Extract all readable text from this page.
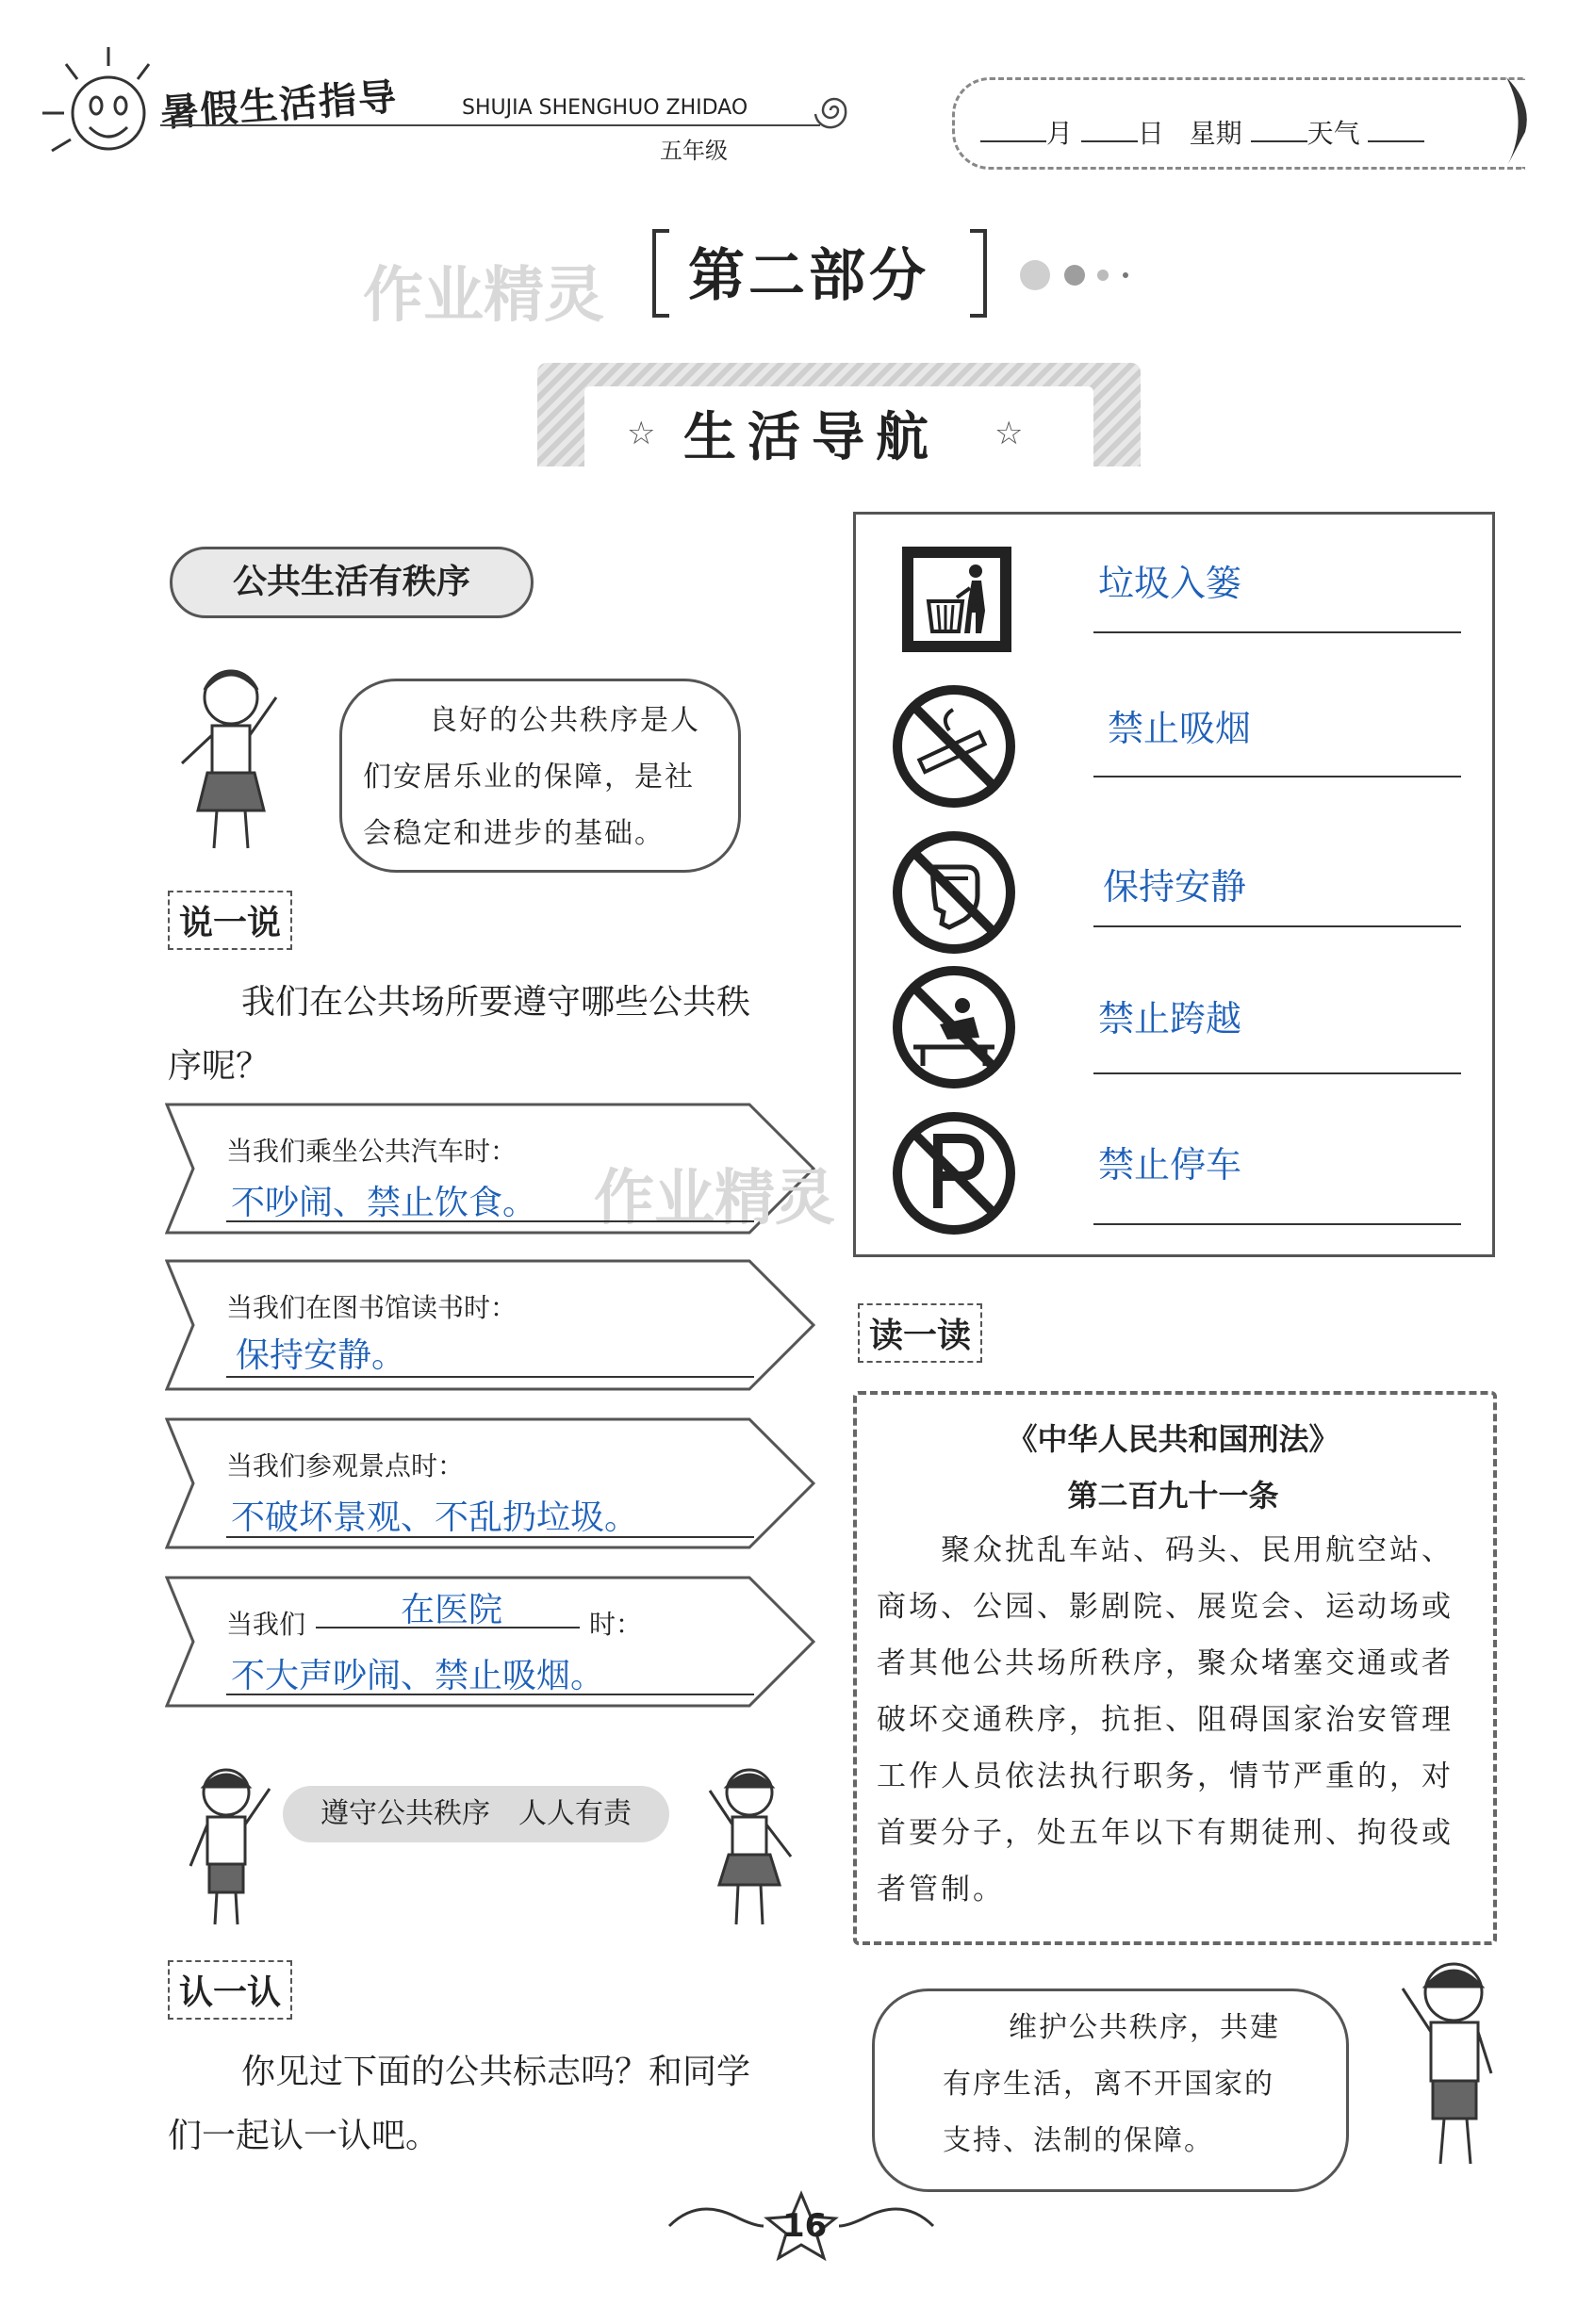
暑假生活指导	SHUJIA SHENGHUO ZHIDAO
五年级
月 日 星期 天气
作业精灵 第二部分
☆ 生活导航 ☆
公共生活有秩序
良好的公共秩序是人
们安居乐业的保障，是社
会稳定和进步的基础。
说一说
我们在公共场所要遵守哪些公共秩
序呢？
作业精灵
当我们乘坐公共汽车时：
不吵闹、禁止饮食。
当我们在图书馆读书时：
保持安静。
当我们参观景点时：
不破坏景观、不乱扔垃圾。
当我们	在医院	时：
不大声吵闹、禁止吸烟。
遵守公共秩序　人人有责
认一认
你见过下面的公共标志吗？和同学
们一起认一认吧。
垃圾入篓
禁止吸烟
保持安静
禁止跨越
禁止停车
读一读
《中华人民共和国刑法》
第二百九十一条
　　聚众扰乱车站、码头、民用航空站、
商场、公园、影剧院、展览会、运动场或
者其他公共场所秩序，聚众堵塞交通或者
破坏交通秩序，抗拒、阻碍国家治安管理
工作人员依法执行职务，情节严重的，对
首要分子，处五年以下有期徒刑、拘役或
者管制。
维护公共秩序，共建
有序生活，离不开国家的
支持、法制的保障。
16
